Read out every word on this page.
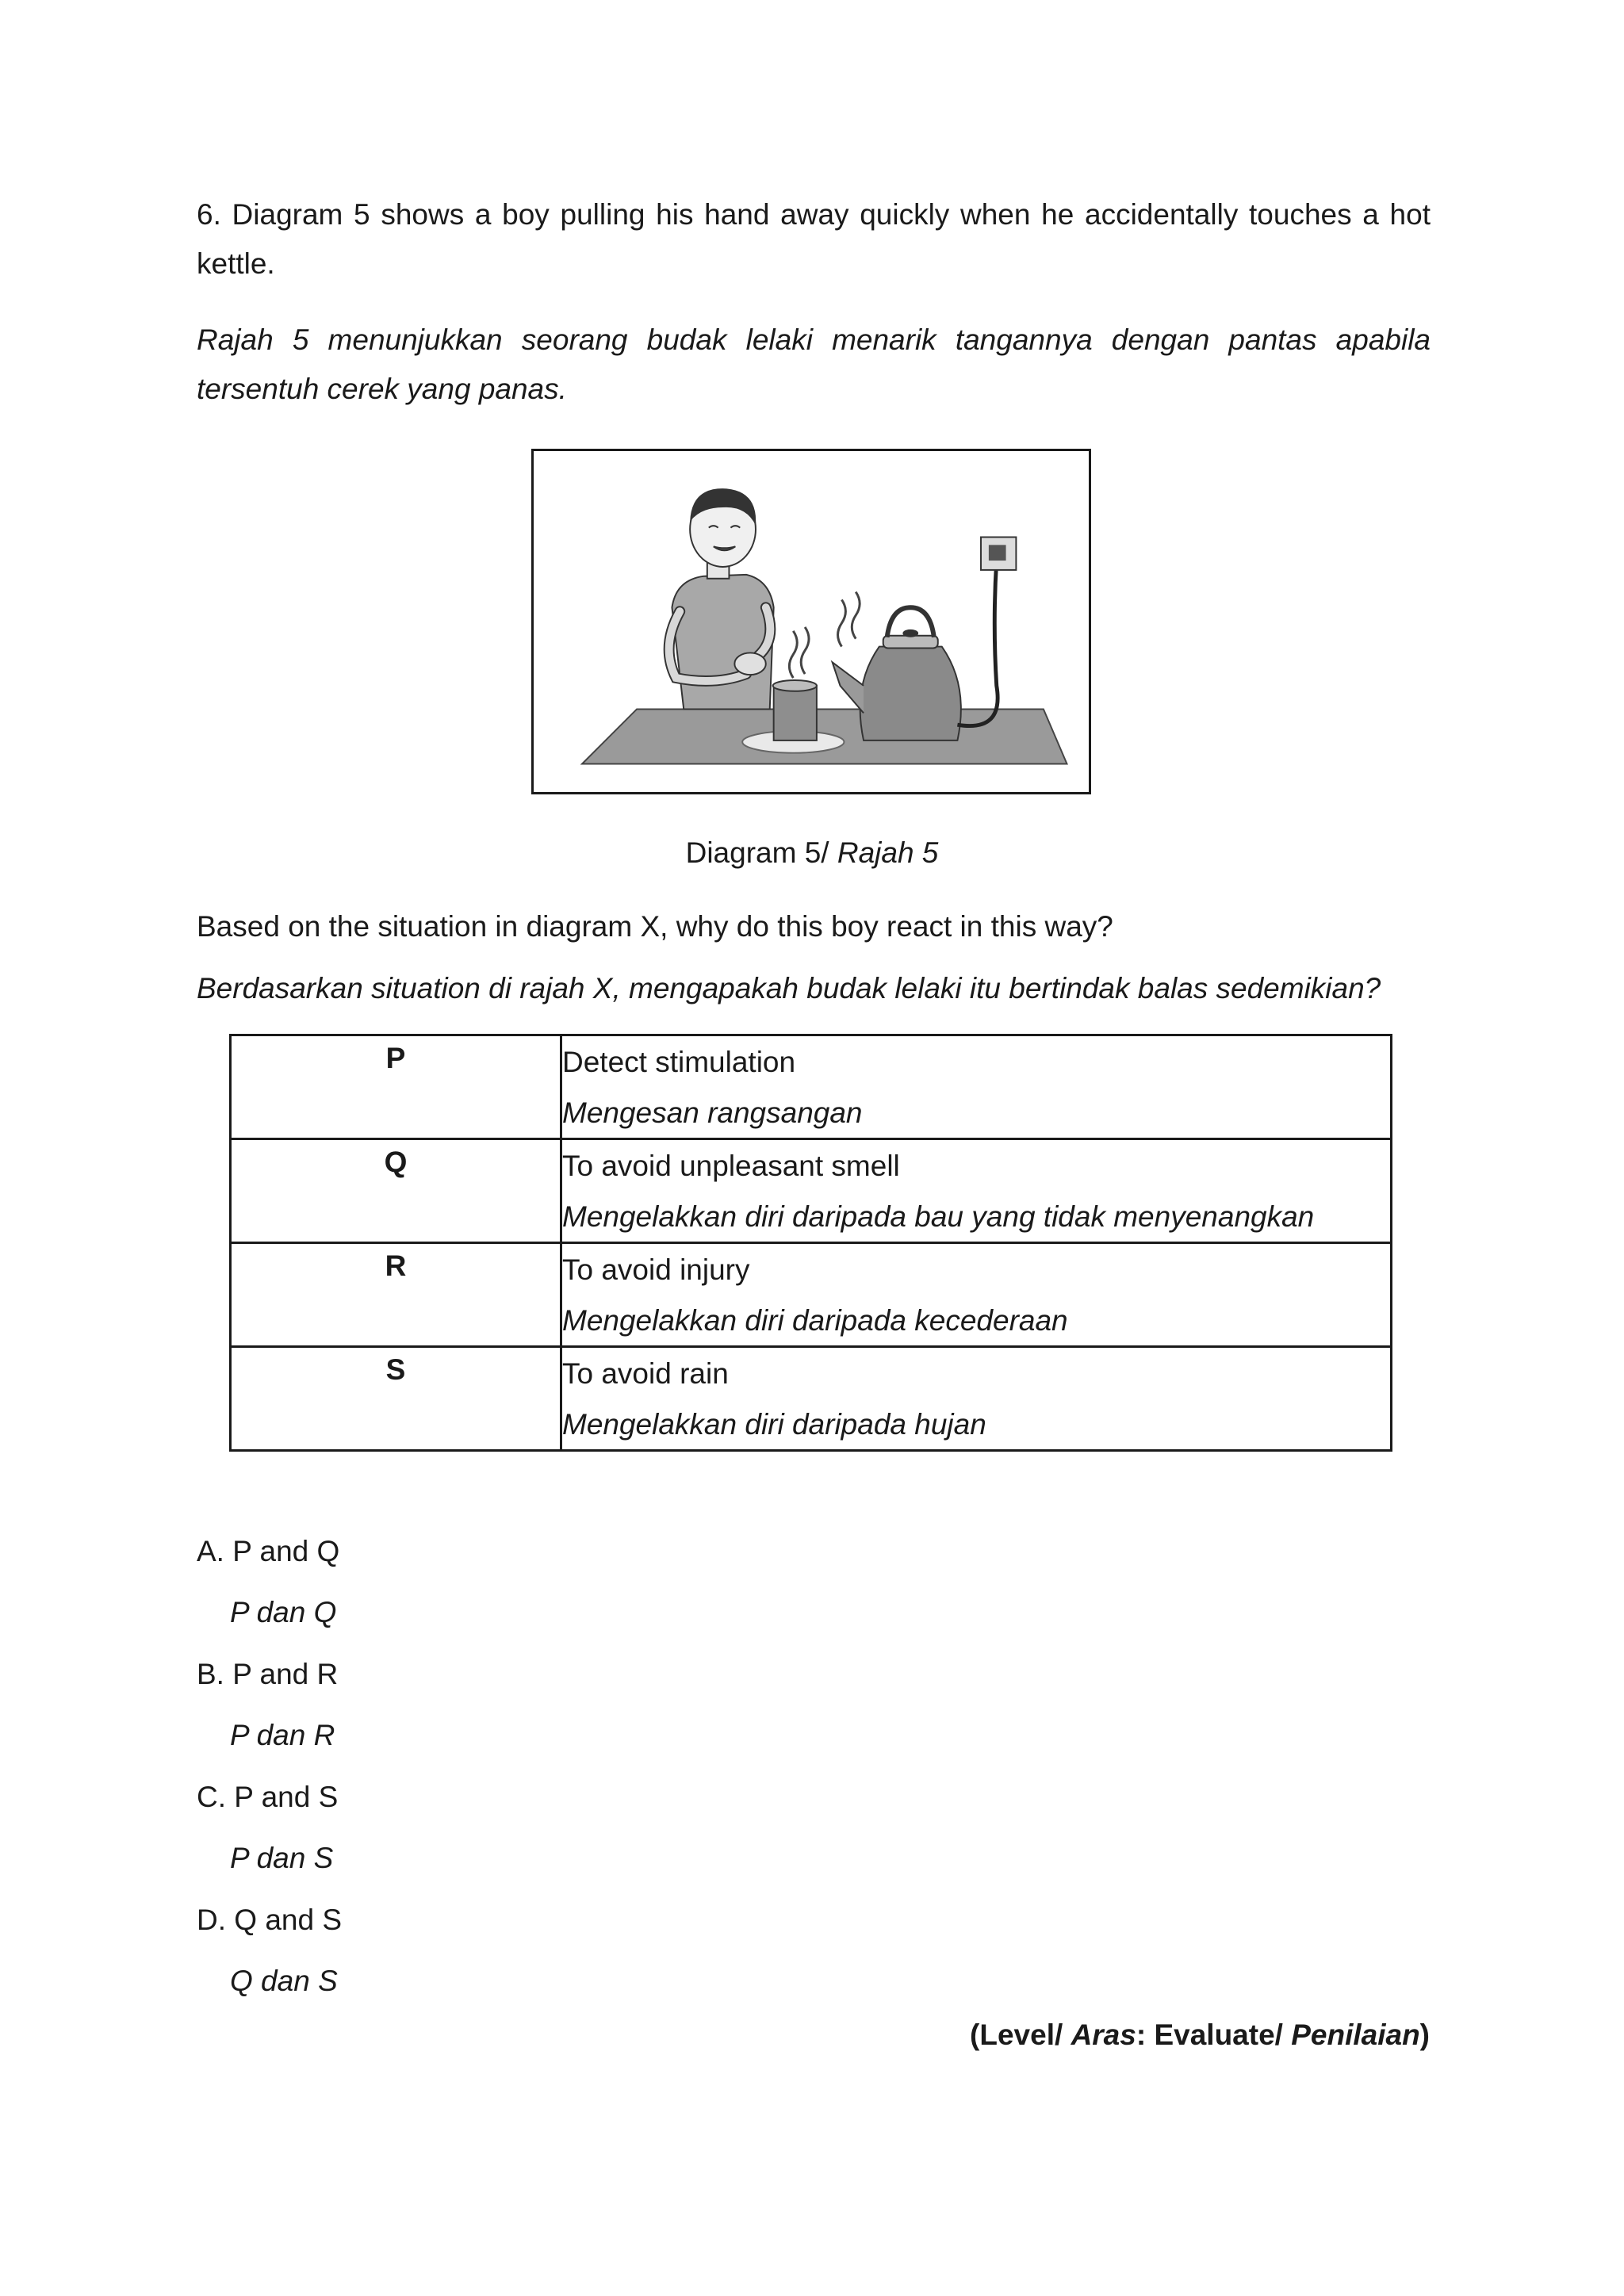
6. Diagram 5 shows a boy pulling his hand away quickly when he accidentally touches a hot kettle.

Rajah 5 menunjukkan seorang budak lelaki menarik tangannya dengan pantas apabila tersentuh cerek yang panas.

Diagram 5/ Rajah 5

Based on the situation in diagram X, why do this boy react in this way?

Berdasarkan situation di rajah X, mengapakah budak lelaki itu bertindak balas sedemikian?

P	Detect stimulation
Mengesan rangsangan

Q	To avoid unpleasant smell
Mengelakkan diri daripada bau yang tidak menyenangkan

R	To avoid injury
Mengelakkan diri daripada kecederaan

S	To avoid rain
Mengelakkan diri daripada hujan
A. P and Q
P dan Q
B. P and R
P dan R
C. P and S
P dan S
D. Q and S
Q dan S
(Level/ Aras: Evaluate/ Penilaian)
